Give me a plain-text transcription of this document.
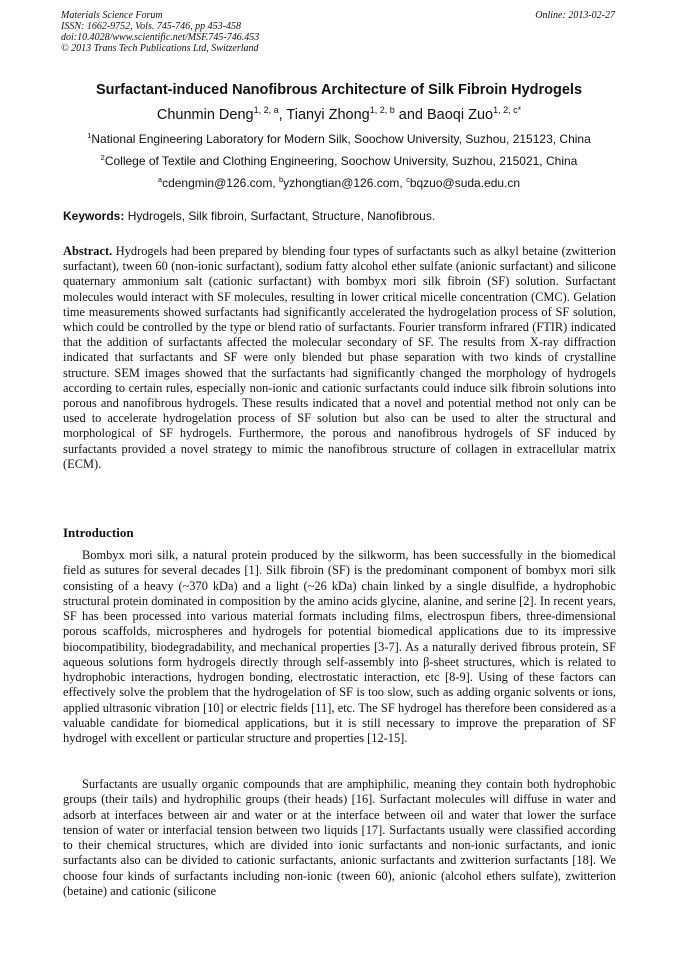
Materials Science Forum
ISSN: 1662-9752, Vols. 745-746, pp 453-458
doi:10.4028/www.scientific.net/MSF.745-746.453
© 2013 Trans Tech Publications Ltd, Switzerland
Online: 2013-02-27
Surfactant-induced Nanofibrous Architecture of Silk Fibroin Hydrogels
Chunmin Deng$^{1, 2, a}$, Tianyi Zhong$^{1, 2, b}$ and Baoqi Zuo$^{1, 2, c*}$
$^1$National Engineering Laboratory for Modern Silk, Soochow University, Suzhou, 215123, China
$^2$College of Textile and Clothing Engineering, Soochow University, Suzhou, 215021, China
$^a$cdengmin@126.com, $^b$yzhongtian@126.com, $^c$bqzuo@suda.edu.cn
Keywords: Hydrogels, Silk fibroin, Surfactant, Structure, Nanofibrous.

Abstract. Hydrogels had been prepared by blending four types of surfactants such as alkyl betaine (zwitterion surfactant), tween 60 (non-ionic surfactant), sodium fatty alcohol ether sulfate (anionic surfactant) and silicone quaternary ammonium salt (cationic surfactant) with bombyx mori silk fibroin (SF) solution. Surfactant molecules would interact with SF molecules, resulting in lower critical micelle concentration (CMC). Gelation time measurements showed surfactants had significantly accelerated the hydrogelation process of SF solution, which could be controlled by the type or blend ratio of surfactants. Fourier transform infrared (FTIR) indicated that the addition of surfactants affected the molecular secondary of SF. The results from X-ray diffraction indicated that surfactants and SF were only blended but phase separation with two kinds of crystalline structure. SEM images showed that the surfactants had significantly changed the morphology of hydrogels according to certain rules, especially non-ionic and cationic surfactants could induce silk fibroin solutions into porous and nanofibrous hydrogels. These results indicated that a novel and potential method not only can be used to accelerate hydrogelation process of SF solution but also can be used to alter the structural and morphological of SF hydrogels. Furthermore, the porous and nanofibrous hydrogels of SF induced by surfactants provided a novel strategy to mimic the nanofibrous structure of collagen in extracellular matrix (ECM).

Introduction

Bombyx mori silk, a natural protein produced by the silkworm, has been successfully in the biomedical field as sutures for several decades [1]. Silk fibroin (SF) is the predominant component of bombyx mori silk consisting of a heavy (~370 kDa) and a light (~26 kDa) chain linked by a single disulfide, a hydrophobic structural protein dominated in composition by the amino acids glycine, alanine, and serine [2]. In recent years, SF has been processed into various material formats including films, electrospun fibers, three-dimensional porous scaffolds, microspheres and hydrogels for potential biomedical applications due to its impressive biocompatibility, biodegradability, and mechanical properties [3-7]. As a naturally derived fibrous protein, SF aqueous solutions form hydrogels directly through self-assembly into β-sheet structures, which is related to hydrophobic interactions, hydrogen bonding, electrostatic interaction, etc [8-9]. Using of these factors can effectively solve the problem that the hydrogelation of SF is too slow, such as adding organic solvents or ions, applied ultrasonic vibration [10] or electric fields [11], etc. The SF hydrogel has therefore been considered as a valuable candidate for biomedical applications, but it is still necessary to improve the preparation of SF hydrogel with excellent or particular structure and properties [12-15].

Surfactants are usually organic compounds that are amphiphilic, meaning they contain both hydrophobic groups (their tails) and hydrophilic groups (their heads) [16]. Surfactant molecules will diffuse in water and adsorb at interfaces between air and water or at the interface between oil and water that lower the surface tension of water or interfacial tension between two liquids [17]. Surfactants usually were classified according to their chemical structures, which are divided into ionic surfactants and non-ionic surfactants, and ionic surfactants also can be divided to cationic surfactants, anionic surfactants and zwitterion surfactants [18]. We choose four kinds of surfactants including non-ionic (tween 60), anionic (alcohol ethers sulfate), zwitterion (betaine) and cationic (silicone
